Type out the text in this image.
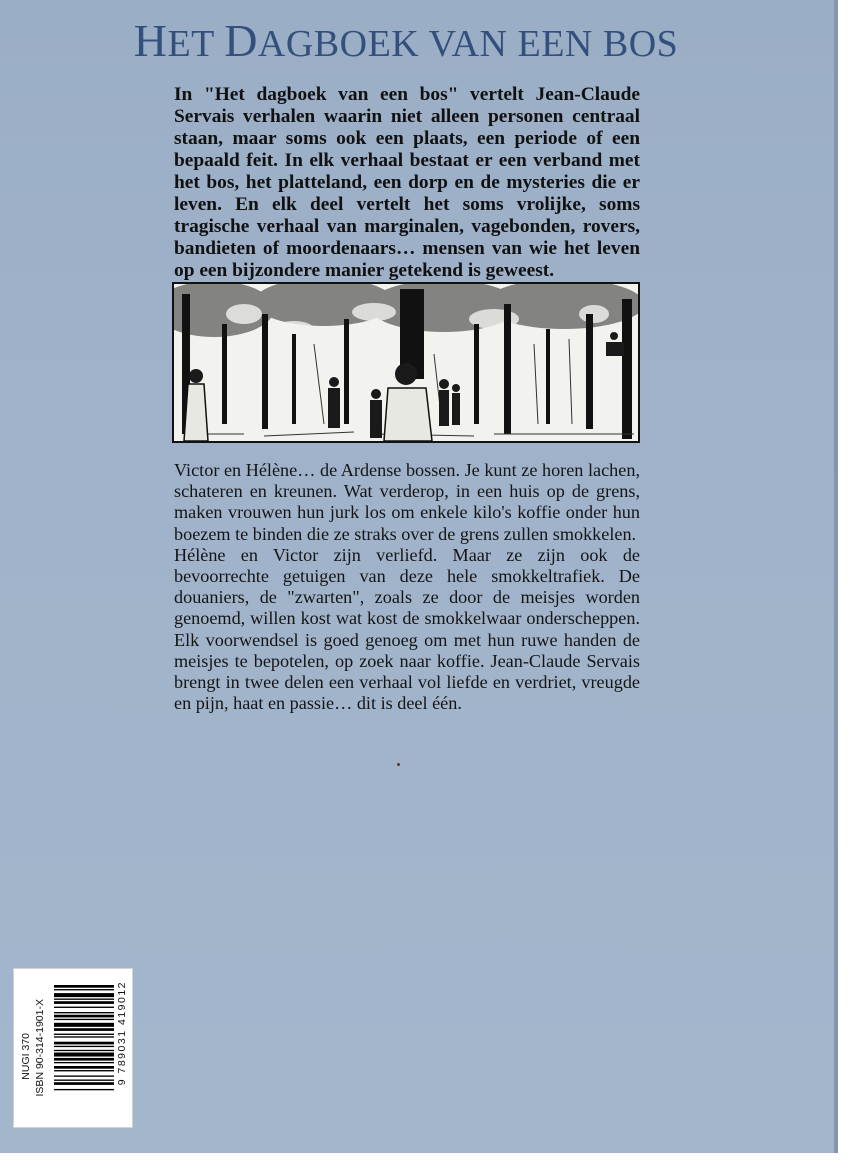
HET DAGBOEK VAN EEN BOS

In "Het dagboek van een bos" vertelt Jean-Claude Servais verhalen waarin niet alleen personen centraal staan, maar soms ook een plaats, een periode of een bepaald feit. In elk verhaal bestaat er een verband met het bos, het platteland, een dorp en de mysteries die er leven. En elk deel vertelt het soms vrolijke, soms tragische verhaal van marginalen, vagebonden, rovers, bandieten of moordenaars… mensen van wie het leven op een bijzondere manier getekend is geweest.

Victor en Hélène… de Ardense bossen. Je kunt ze horen lachen, schateren en kreunen. Wat verderop, in een huis op de grens, maken vrouwen hun jurk los om enkele kilo's koffie onder hun boezem te binden die ze straks over de grens zullen smokkelen.

Hélène en Victor zijn verliefd. Maar ze zijn ook de bevoorrechte getuigen van deze hele smokkeltrafiek. De douaniers, de "zwarten", zoals ze door de meisjes worden genoemd, willen kost wat kost de smokkelwaar onderscheppen. Elk voorwendsel is goed genoeg om met hun ruwe handen de meisjes te bepotelen, op zoek naar koffie. Jean-Claude Servais brengt in twee delen een verhaal vol liefde en verdriet, vreugde en pijn, haat en passie… dit is deel één.

NUGI 370 ISBN 90-314-1901-X	9 789031 419012
